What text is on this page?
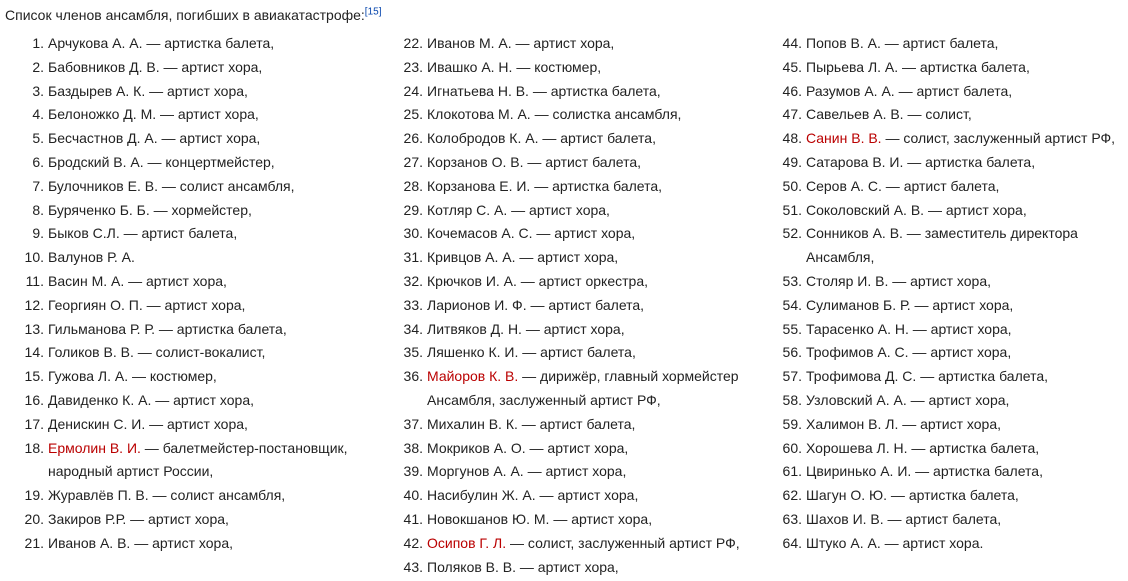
Список членов ансамбля, погибших в авиакатастрофе:[15]
1. Арчукова А. А. — артистка балета,
2. Бабовников Д. В. — артист хора,
3. Баздырев А. К. — артист хора,
4. Белоножко Д. М. — артист хора,
5. Бесчастнов Д. А. — артист хора,
6. Бродский В. А. — концертмейстер,
7. Булочников Е. В. — солист ансамбля,
8. Буряченко Б. Б. — хормейстер,
9. Быков С.Л. — артист балета,
10. Валунов Р. А.
11. Васин М. А. — артист хора,
12. Георгиян О. П. — артист хора,
13. Гильманова Р. Р. — артистка балета,
14. Голиков В. В. — солист-вокалист,
15. Гужова Л. А. — костюмер,
16. Давиденко К. А. — артист хора,
17. Денискин С. И. — артист хора,
18. Ермолин В. И. — балетмейстер-постановщик, народный артист России,
19. Журавлёв П. В. — солист ансамбля,
20. Закиров Р.Р. — артист хора,
21. Иванов А. В. — артист хора,
22. Иванов М. А. — артист хора,
23. Ивашко А. Н. — костюмер,
24. Игнатьева Н. В. — артистка балета,
25. Клокотова М. А. — солистка ансамбля,
26. Колобродов К. А. — артист балета,
27. Корзанов О. В. — артист балета,
28. Корзанова Е. И. — артистка балета,
29. Котляр С. А. — артист хора,
30. Кочемасов А. С. — артист хора,
31. Кривцов А. А. — артист хора,
32. Крючков И. А. — артист оркестра,
33. Ларионов И. Ф. — артист балета,
34. Литвяков Д. Н. — артист хора,
35. Ляшенко К. И. — артист балета,
36. Майоров К. В. — дирижёр, главный хормейстер Ансамбля, заслуженный артист РФ,
37. Михалин В. К. — артист балета,
38. Мокриков А. О. — артист хора,
39. Моргунов А. А. — артист хора,
40. Насибулин Ж. А. — артист хора,
41. Новокшанов Ю. М. — артист хора,
42. Осипов Г. Л. — солист, заслуженный артист РФ,
43. Поляков В. В. — артист хора,
44. Попов В. А. — артист балета,
45. Пырьева Л. А. — артистка балета,
46. Разумов А. А. — артист балета,
47. Савельев А. В. — солист,
48. Санин В. В. — солист, заслуженный артист РФ,
49. Сатарова В. И. — артистка балета,
50. Серов А. С. — артист балета,
51. Соколовский А. В. — артист хора,
52. Сонников А. В. — заместитель директора Ансамбля,
53. Столяр И. В. — артист хора,
54. Сулиманов Б. Р. — артист хора,
55. Тарасенко А. Н. — артист хора,
56. Трофимов А. С. — артист хора,
57. Трофимова Д. С. — артистка балета,
58. Узловский А. А. — артист хора,
59. Халимон В. Л. — артист хора,
60. Хорошева Л. Н. — артистка балета,
61. Цвиринько А. И. — артистка балета,
62. Шагун О. Ю. — артистка балета,
63. Шахов И. В. — артист балета,
64. Штуко А. А. — артист хора.
